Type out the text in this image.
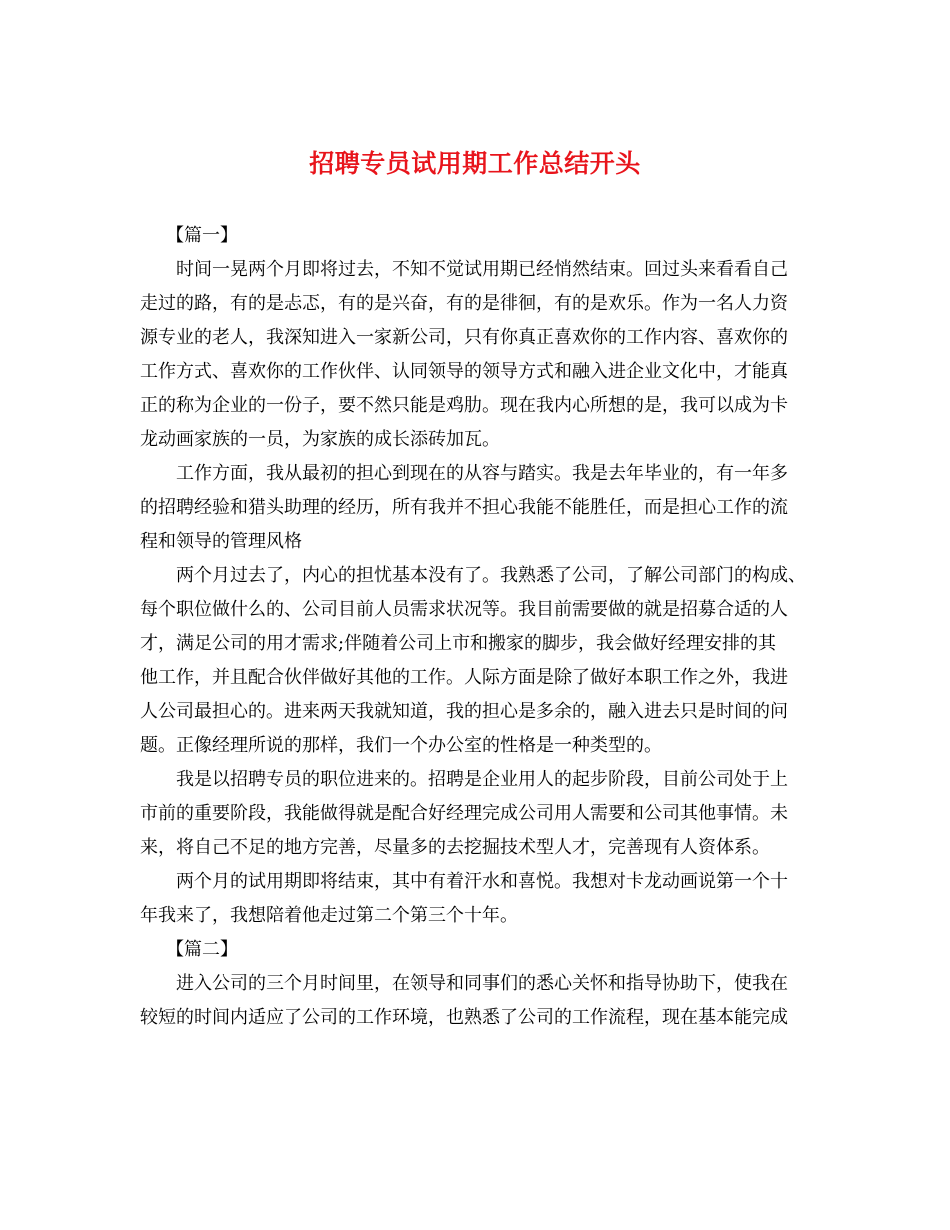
招聘专员试用期工作总结开头
【篇一】
时间一晃两个月即将过去，不知不觉试用期已经悄然结束。回过头来看看自己
走过的路，有的是忐忑，有的是兴奋，有的是徘徊，有的是欢乐。作为一名人力资
源专业的老人，我深知进入一家新公司，只有你真正喜欢你的工作内容、喜欢你的
工作方式、喜欢你的工作伙伴、认同领导的领导方式和融入进企业文化中，才能真
正的称为企业的一份子，要不然只能是鸡肋。现在我内心所想的是，我可以成为卡
龙动画家族的一员，为家族的成长添砖加瓦。
工作方面，我从最初的担心到现在的从容与踏实。我是去年毕业的，有一年多
的招聘经验和猎头助理的经历，所有我并不担心我能不能胜任，而是担心工作的流
程和领导的管理风格
两个月过去了，内心的担忧基本没有了。我熟悉了公司，了解公司部门的构成、
每个职位做什么的、公司目前人员需求状况等。我目前需要做的就是招募合适的人
才，满足公司的用才需求;伴随着公司上市和搬家的脚步，我会做好经理安排的其
他工作，并且配合伙伴做好其他的工作。人际方面是除了做好本职工作之外，我进
人公司最担心的。进来两天我就知道，我的担心是多余的，融入进去只是时间的问
题。正像经理所说的那样，我们一个办公室的性格是一种类型的。
我是以招聘专员的职位进来的。招聘是企业用人的起步阶段，目前公司处于上
市前的重要阶段，我能做得就是配合好经理完成公司用人需要和公司其他事情。未
来，将自己不足的地方完善，尽量多的去挖掘技术型人才，完善现有人资体系。
两个月的试用期即将结束，其中有着汗水和喜悦。我想对卡龙动画说第一个十
年我来了，我想陪着他走过第二个第三个十年。
【篇二】
进入公司的三个月时间里，在领导和同事们的悉心关怀和指导协助下，使我在
较短的时间内适应了公司的工作环境，也熟悉了公司的工作流程，现在基本能完成
